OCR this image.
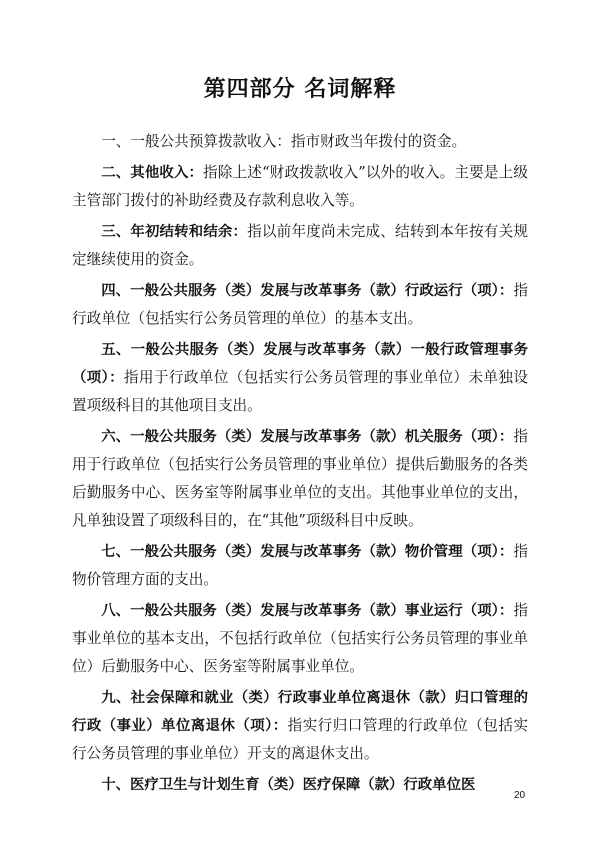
第四部分 名词解释

一、一般公共预算拨款收入：指市财政当年拨付的资金。

二、其他收入：指除上述“财政拨款收入”以外的收入。主要是上级主管部门拨付的补助经费及存款利息收入等。

三、年初结转和结余：指以前年度尚未完成、结转到本年按有关规定继续使用的资金。

四、一般公共服务（类）发展与改革事务（款）行政运行（项）：指行政单位（包括实行公务员管理的单位）的基本支出。

五、一般公共服务（类）发展与改革事务（款）一般行政管理事务（项）：指用于行政单位（包括实行公务员管理的事业单位）未单独设置项级科目的其他项目支出。

六、一般公共服务（类）发展与改革事务（款）机关服务（项）：指用于行政单位（包括实行公务员管理的事业单位）提供后勤服务的各类后勤服务中心、医务室等附属事业单位的支出。其他事业单位的支出，凡单独设置了项级科目的，在“其他”项级科目中反映。

七、一般公共服务（类）发展与改革事务（款）物价管理（项）：指物价管理方面的支出。

八、一般公共服务（类）发展与改革事务（款）事业运行（项）：指事业单位的基本支出，不包括行政单位（包括实行公务员管理的事业单位）后勤服务中心、医务室等附属事业单位。

九、社会保障和就业（类）行政事业单位离退休（款）归口管理的行政（事业）单位离退休（项）：指实行归口管理的行政单位（包括实行公务员管理的事业单位）开支的离退休支出。

十、医疗卫生与计划生育（类）医疗保障（款）行政单位医

20
